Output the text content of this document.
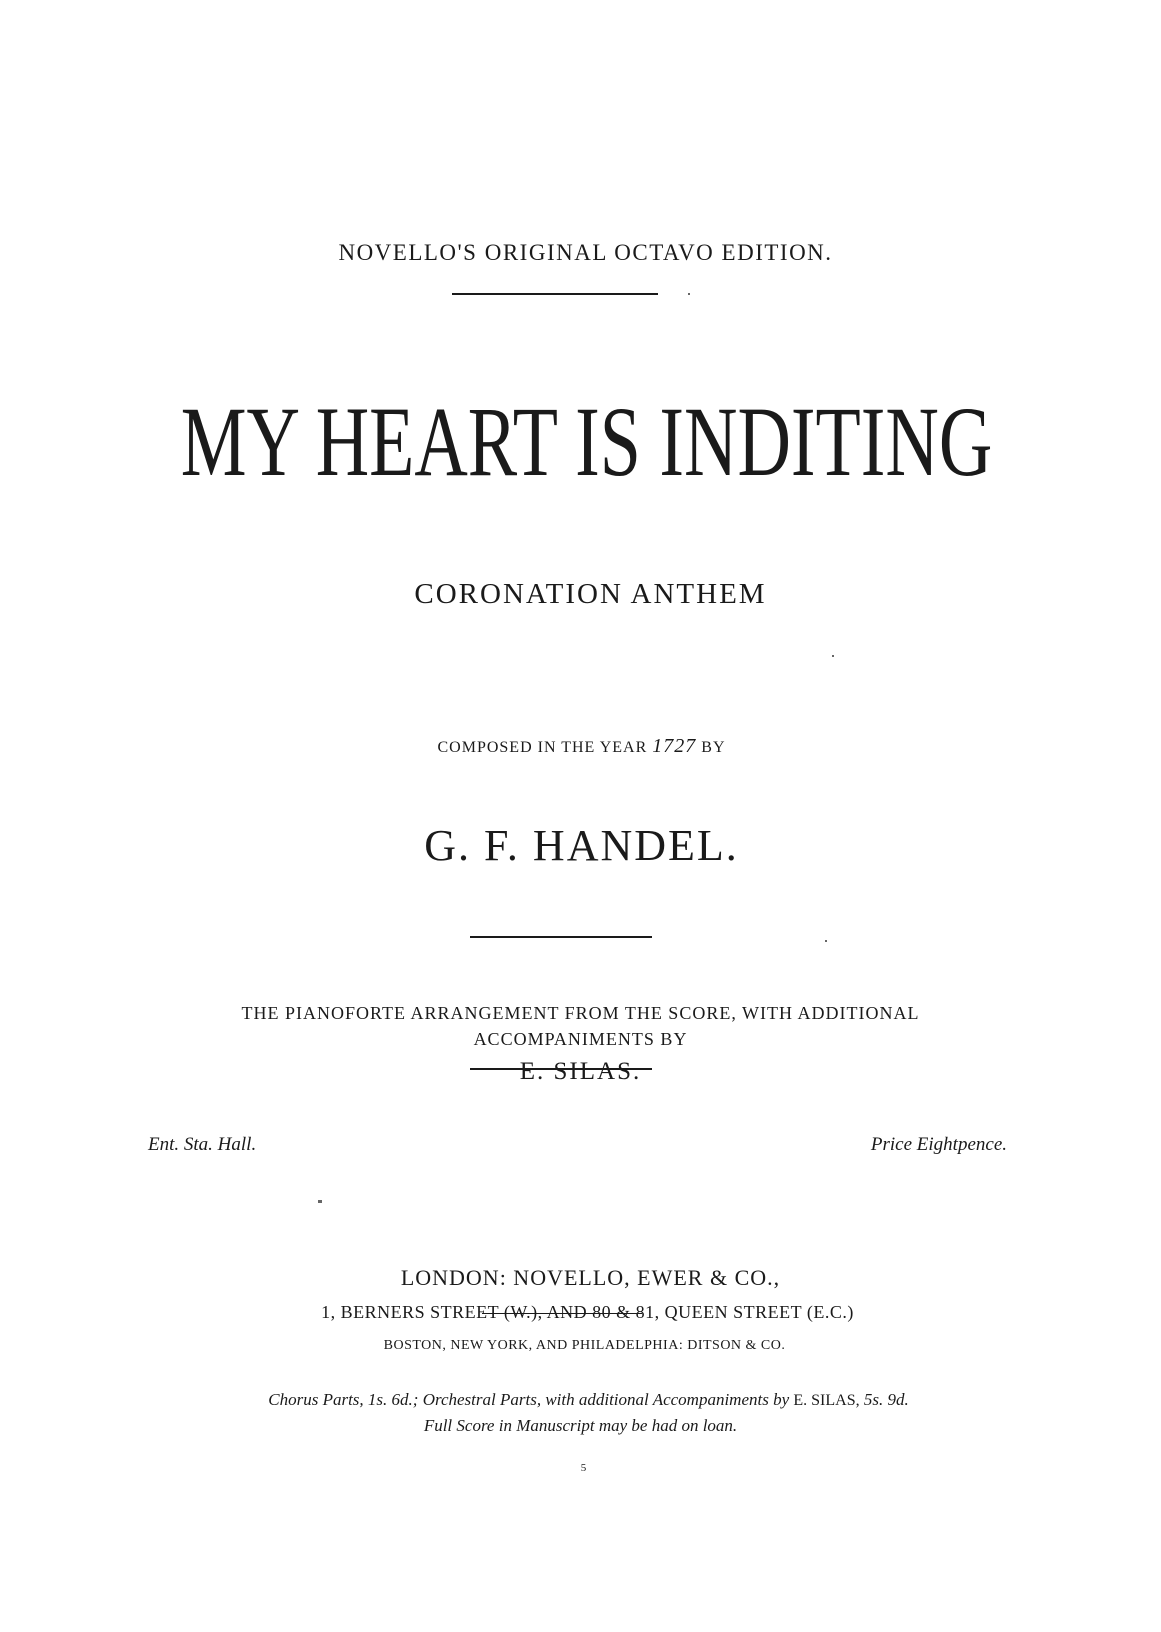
NOVELLO'S ORIGINAL OCTAVO EDITION.

MY HEART IS INDITING

CORONATION ANTHEM

COMPOSED IN THE YEAR 1727 BY

G. F. HANDEL.

THE PIANOFORTE ARRANGEMENT FROM THE SCORE, WITH ADDITIONAL

ACCOMPANIMENTS BY

E. SILAS.

Ent. Sta. Hall.	Price Eightpence.

LONDON: NOVELLO, EWER & CO.,

1, BERNERS STREET (W.), AND 80 & 81, QUEEN STREET (E.C.)

BOSTON, NEW YORK, AND PHILADELPHIA: DITSON & CO.

Chorus Parts, 1s. 6d.; Orchestral Parts, with additional Accompaniments by E. SILAS, 5s. 9d.

Full Score in Manuscript may be had on loan.

5
